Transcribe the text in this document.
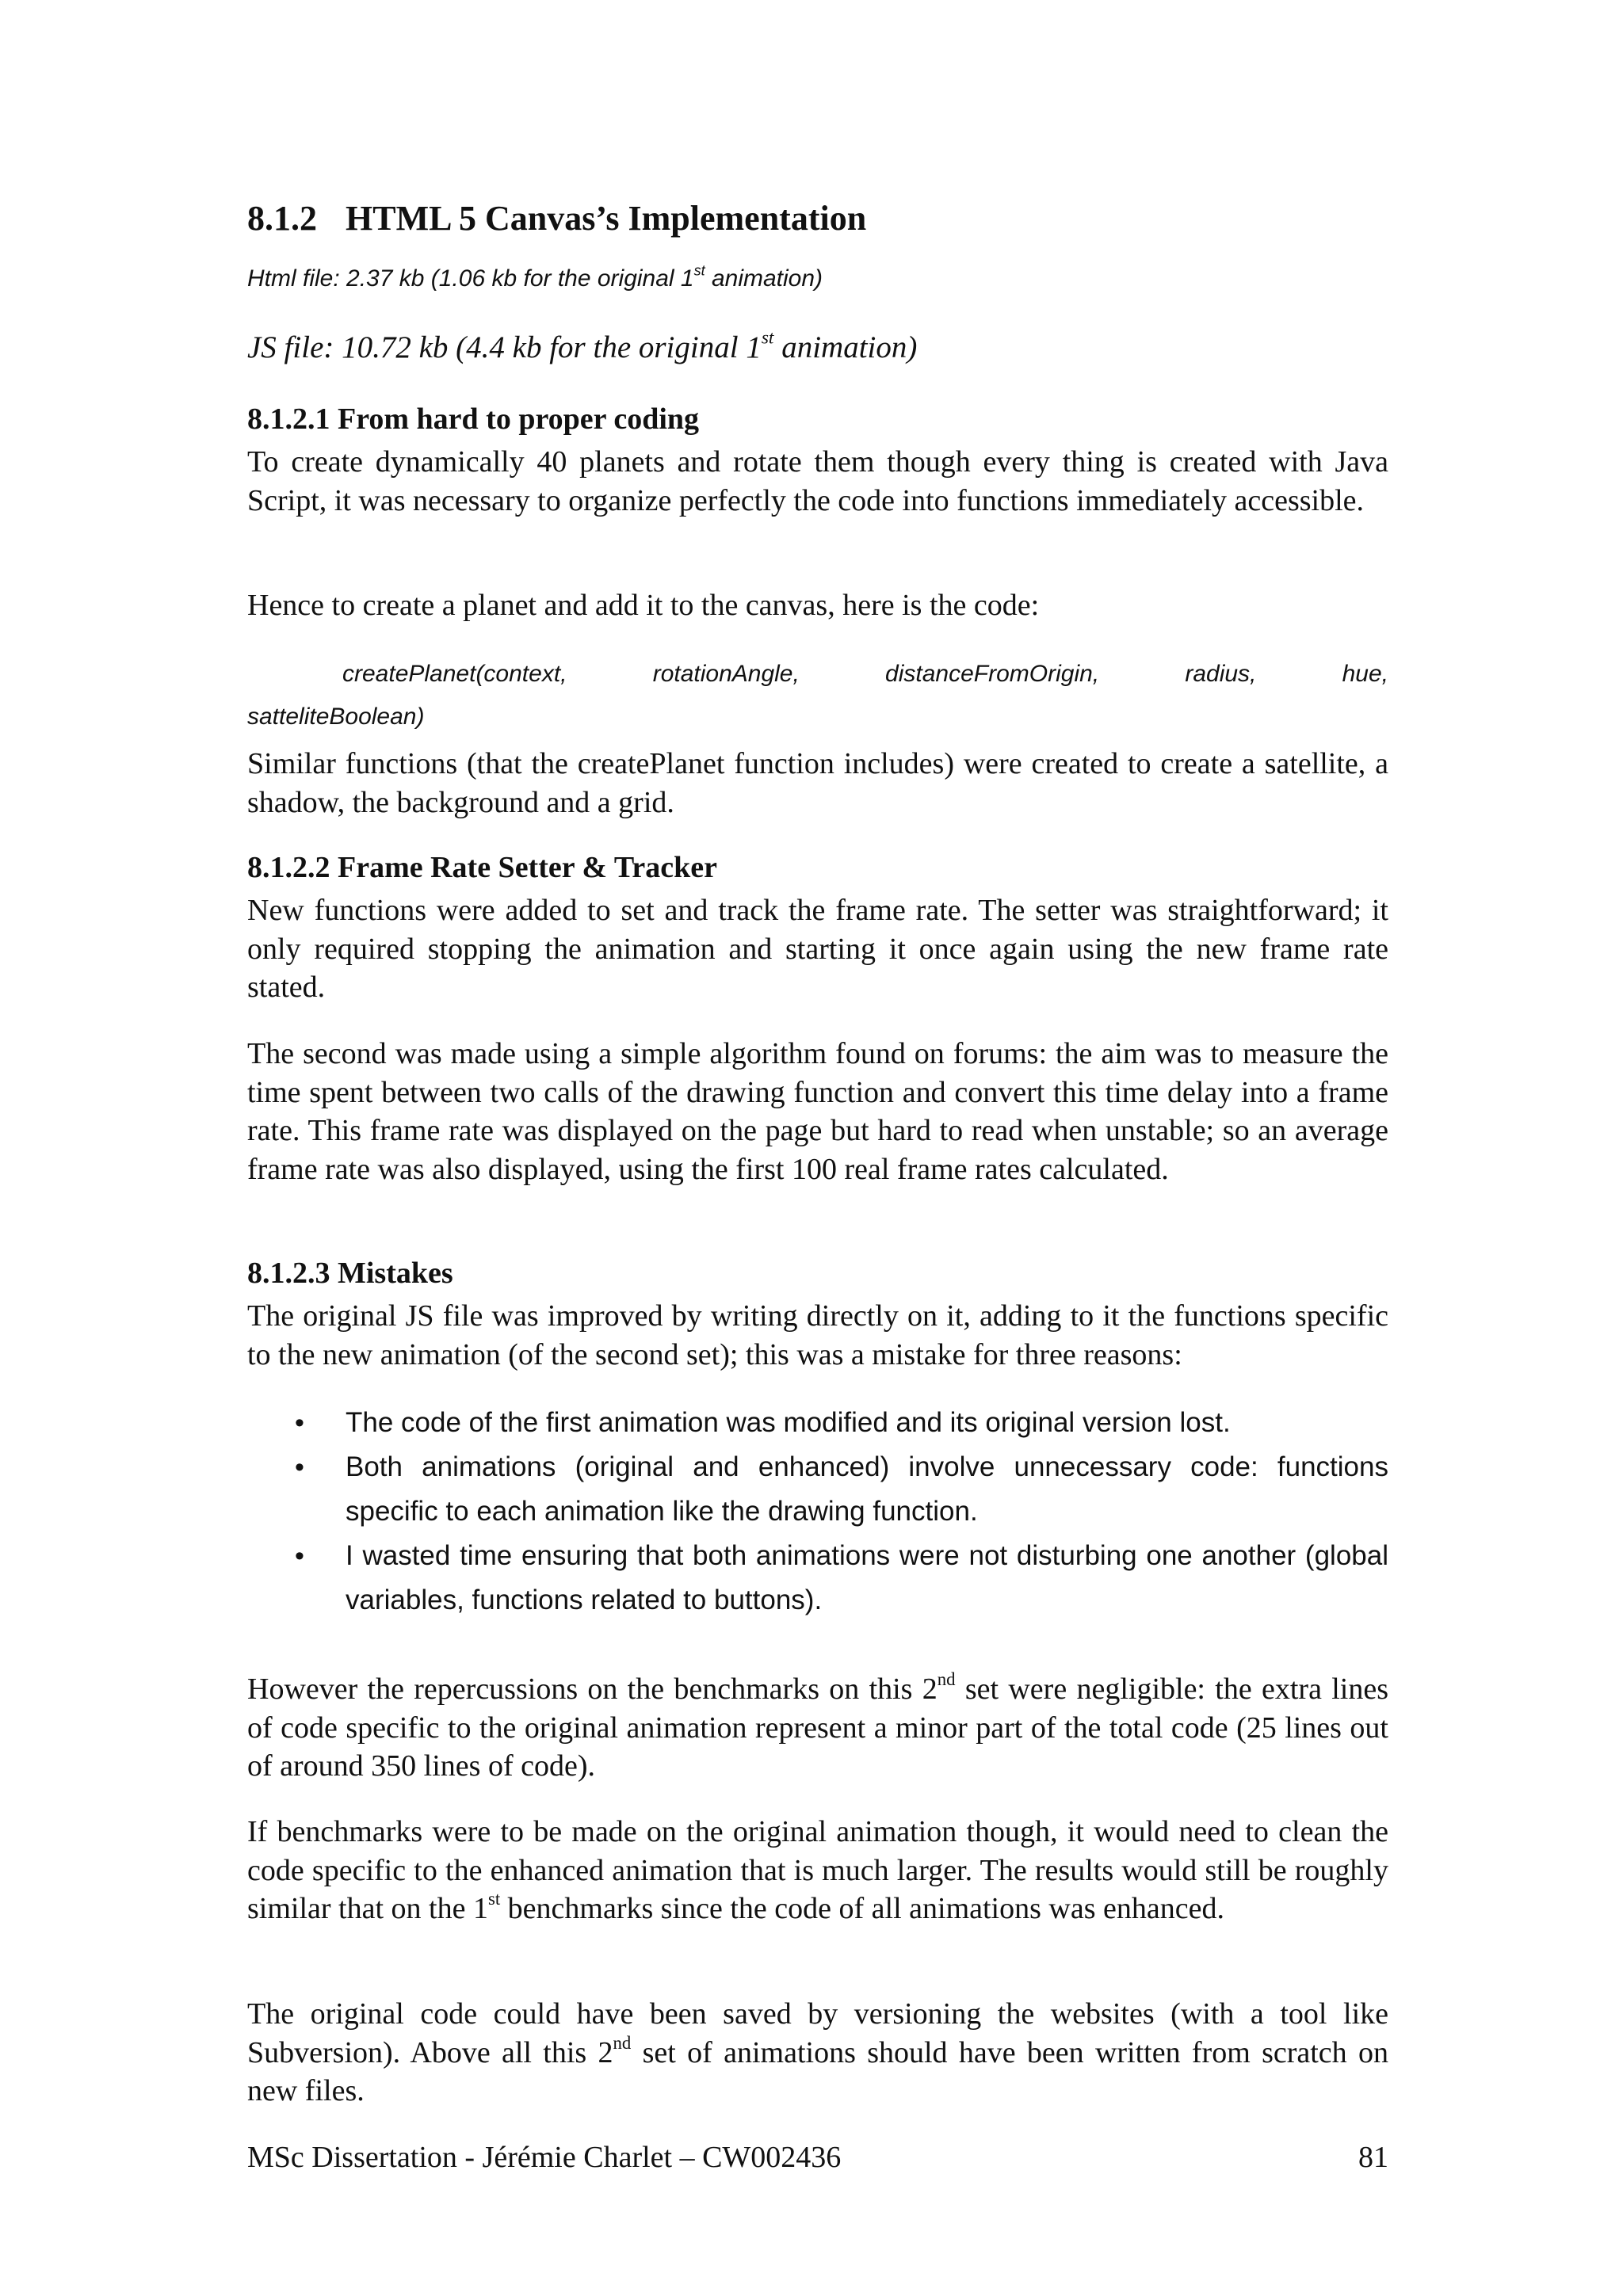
8.1.2 HTML 5 Canvas’s Implementation
Html file: 2.37 kb (1.06 kb for the original 1st animation)
JS file: 10.72 kb (4.4 kb for the original 1st animation)
8.1.2.1 From hard to proper coding
To create dynamically 40 planets and rotate them though every thing is created with Java Script, it was necessary to organize perfectly the code into functions immediately accessible.
Hence to create a planet and add it to the canvas, here is the code:
createPlanet(context,	rotationAngle,	distanceFromOrigin,	radius,	hue,
satteliteBoolean)
Similar functions (that the createPlanet function includes) were created to create a satellite, a shadow, the background and a grid.
8.1.2.2 Frame Rate Setter & Tracker
New functions were added to set and track the frame rate. The setter was straightforward; it only required stopping the animation and starting it once again using the new frame rate stated.
The second was made using a simple algorithm found on forums: the aim was to measure the time spent between two calls of the drawing function and convert this time delay into a frame rate. This frame rate was displayed on the page but hard to read when unstable; so an average frame rate was also displayed, using the first 100 real frame rates calculated.
8.1.2.3 Mistakes
The original JS file was improved by writing directly on it, adding to it the functions specific to the new animation (of the second set); this was a mistake for three reasons:
• The code of the first animation was modified and its original version lost.
• Both animations (original and enhanced) involve unnecessary code: functions specific to each animation like the drawing function.
• I wasted time ensuring that both animations were not disturbing one another (global variables, functions related to buttons).
However the repercussions on the benchmarks on this 2nd set were negligible: the extra lines of code specific to the original animation represent a minor part of the total code (25 lines out of around 350 lines of code).
If benchmarks were to be made on the original animation though, it would need to clean the code specific to the enhanced animation that is much larger. The results would still be roughly similar that on the 1st benchmarks since the code of all animations was enhanced.
The original code could have been saved by versioning the websites (with a tool like Subversion). Above all this 2nd set of animations should have been written from scratch on new files.
MSc Dissertation - Jérémie Charlet – CW002436	81
